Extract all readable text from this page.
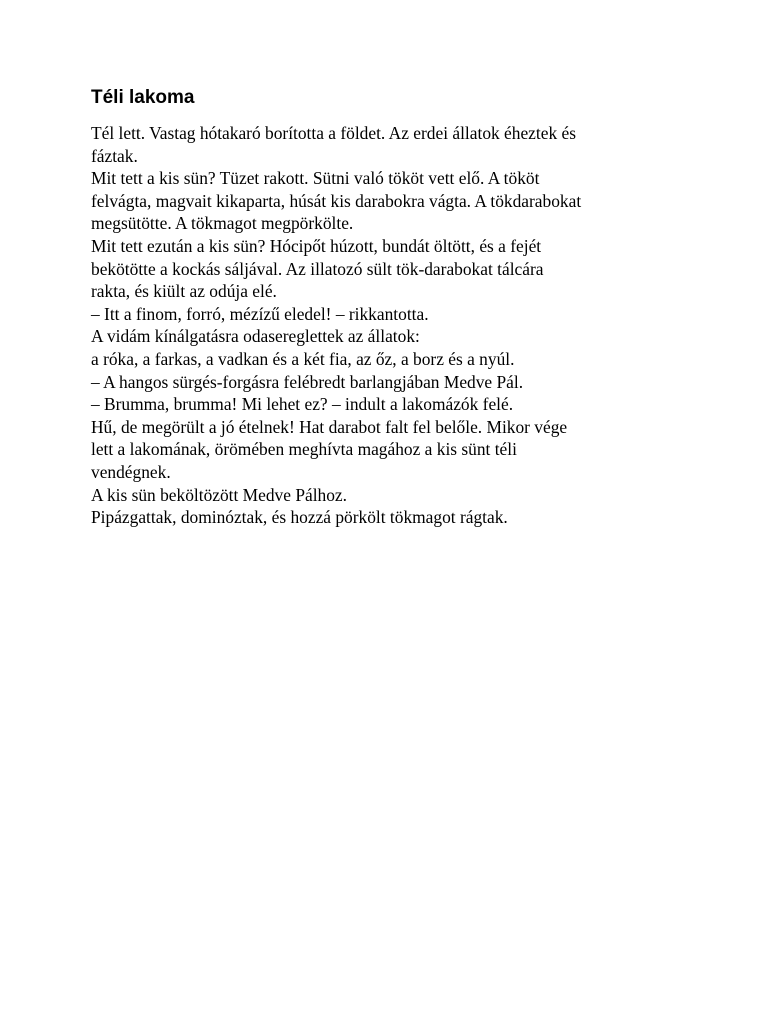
Téli lakoma
Tél lett. Vastag hótakaró borította a földet. Az erdei állatok éheztek és
fáztak.
Mit tett a kis sün? Tüzet rakott. Sütni való tököt vett elő. A tököt
felvágta, magvait kikaparta, húsát kis darabokra vágta. A tökdarabokat
megsütötte. A tökmagot megpörkölte.
Mit tett ezután a kis sün? Hócipőt húzott, bundát öltött, és a fejét
bekötötte a kockás sáljával. Az illatozó sült tök-darabokat tálcára
rakta, és kiült az odúja elé.
– Itt a finom, forró, mézízű eledel! – rikkantotta.
A vidám kínálgatásra odasereglettek az állatok:
a róka, a farkas, a vadkan és a két fia, az őz, a borz és a nyúl.
– A hangos sürgés-forgásra felébredt barlangjában Medve Pál.
– Brumma, brumma! Mi lehet ez? – indult a lakomázók felé.
Hű, de megörült a jó ételnek! Hat darabot falt fel belőle. Mikor vége
lett a lakomának, örömében meghívta magához a kis sünt téli
vendégnek.
A kis sün beköltözött Medve Pálhoz.
Pipázgattak, dominóztak, és hozzá pörkölt tökmagot rágtak.
